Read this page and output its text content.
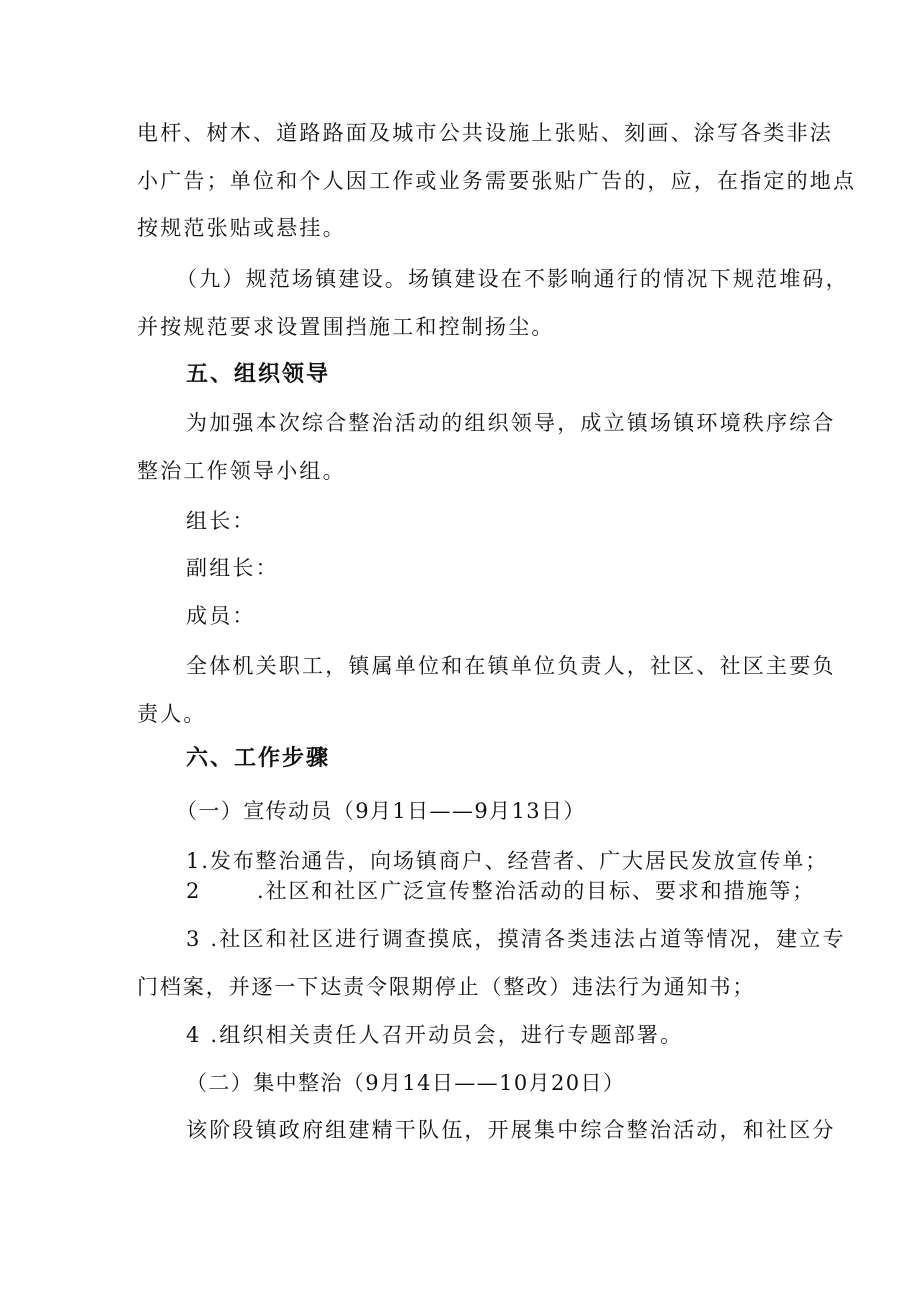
电杆、树木、道路路面及城市公共设施上张贴、刻画、涂写各类非法
小广告；单位和个人因工作或业务需要张贴广告的，应，在指定的地点
按规范张贴或悬挂。
（九）规范场镇建设。场镇建设在不影响通行的情况下规范堆码，
并按规范要求设置围挡施工和控制扬尘。
五、组织领导
为加强本次综合整治活动的组织领导，成立镇场镇环境秩序综合
整治工作领导小组。
组长：
副组长：
成员：
全体机关职工，镇属单位和在镇单位负责人，社区、社区主要负
责人。
六、工作步骤
（一）宣传动员（9月1日——9月13日）
1.发布整治通告，向场镇商户、经营者、广大居民发放宣传单；
2	.社区和社区广泛宣传整治活动的目标、要求和措施等；
3 .社区和社区进行调查摸底，摸清各类违法占道等情况，建立专
门档案，并逐一下达责令限期停止（整改）违法行为通知书；
4 .组织相关责任人召开动员会，进行专题部署。
（二）集中整治（9月14日——10月20日）
该阶段镇政府组建精干队伍，开展集中综合整治活动，和社区分
